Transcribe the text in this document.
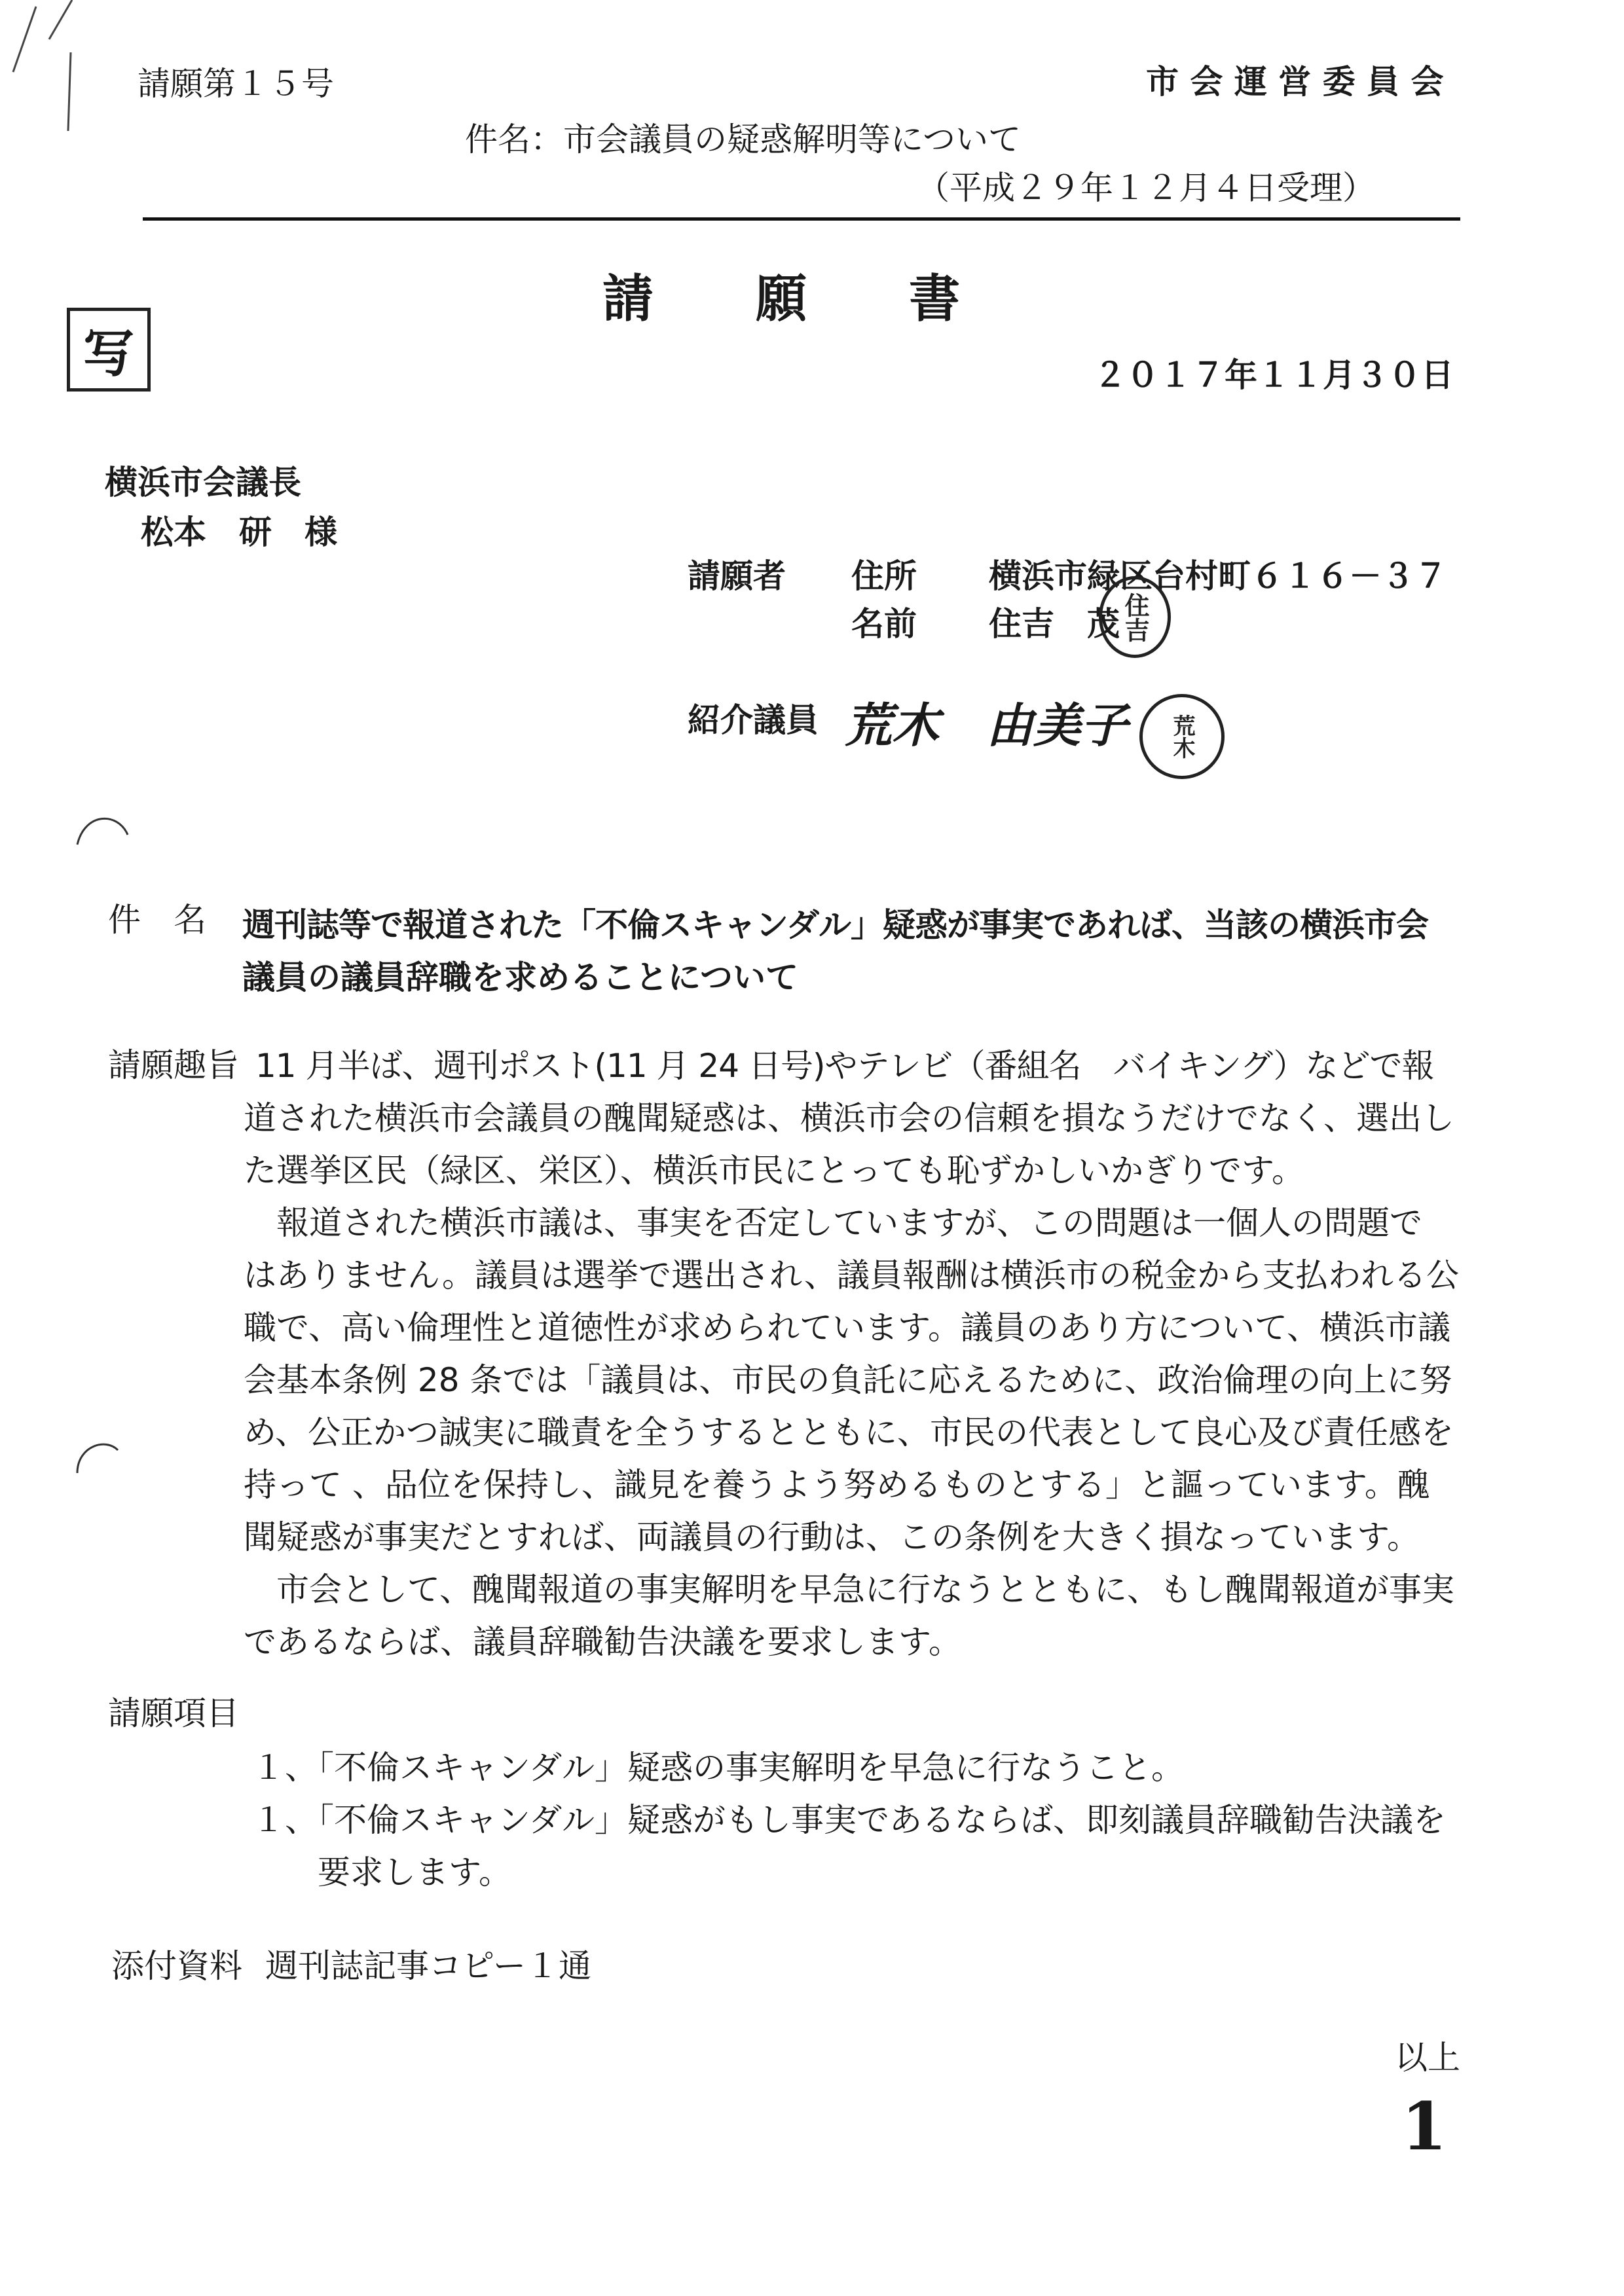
請願第１５号	市 会 運 営 委 員 会
件名：市会議員の疑惑解明等について
（平成２９年１２月４日受理）
写
請　　願　　書
２０１７年１１月３０日
横浜市会議長
松本　研　様
請願者 住所 横浜市緑区台村町６１６－３７
名前 住吉　茂 住吉
紹介議員 荒木　由美子 荒木
件　名 週刊誌等で報道された「不倫スキャンダル」疑惑が事実であれば、当該の横浜市会
議員の議員辞職を求めることについて
請願趣旨 11 月半ば、週刊ポスト(11 月 24 日号)やテレビ（番組名　バイキング）などで報
道された横浜市会議員の醜聞疑惑は、横浜市会の信頼を損なうだけでなく、選出し
た選挙区民（緑区、栄区）、横浜市民にとっても恥ずかしいかぎりです。
　報道された横浜市議は、事実を否定していますが、この問題は一個人の問題で
はありません。議員は選挙で選出され、議員報酬は横浜市の税金から支払われる公
職で、高い倫理性と道徳性が求められています。議員のあり方について、横浜市議
会基本条例 28 条では「議員は、市民の負託に応えるために、政治倫理の向上に努
め、公正かつ誠実に職責を全うするとともに、市民の代表として良心及び責任感を
持って 、品位を保持し、識見を養うよう努めるものとする」と謳っています。醜
聞疑惑が事実だとすれば、両議員の行動は、この条例を大きく損なっています。
　市会として、醜聞報道の事実解明を早急に行なうとともに、もし醜聞報道が事実
であるならば、議員辞職勧告決議を要求します。
請願項目
１、「不倫スキャンダル」疑惑の事実解明を早急に行なうこと。
１、「不倫スキャンダル」疑惑がもし事実であるならば、即刻議員辞職勧告決議を
　　要求します。
添付資料 週刊誌記事コピー１通
以上
1
